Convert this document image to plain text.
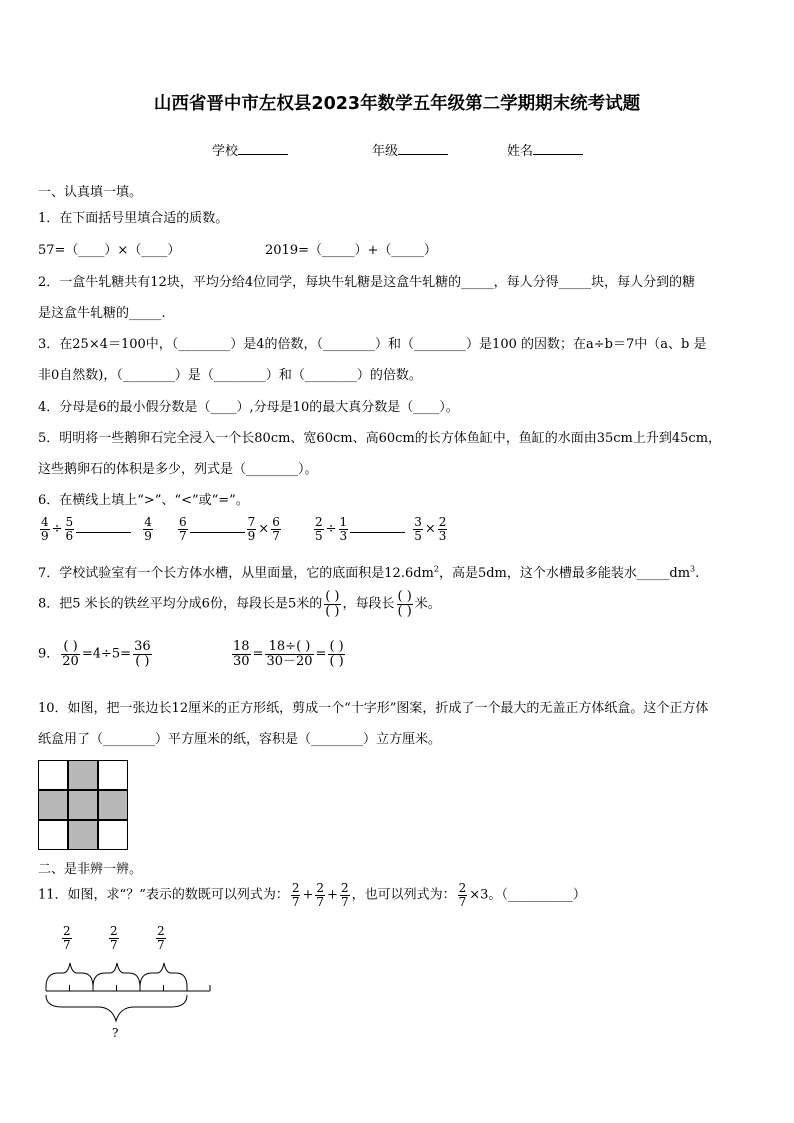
山西省晋中市左权县2023年数学五年级第二学期期末统考试题
学校	年级	姓名
一、认真填一填。
1．在下面括号里填合适的质数。
57=（____）×（____）	2019=（_____）+（_____）
2．一盒牛轧糖共有12块，平均分给4位同学，每块牛轧糖是这盒牛轧糖的_____，每人分得_____块，每人分到的糖
是这盒牛轧糖的_____.
3．在25×4＝100中，（________）是4的倍数，（________）和（________）是100 的因数；在a÷b＝7中（a、b 是
非0自然数)，（________）是（________）和（________）的倍数。
4．分母是6的最小假分数是（____）,分母是10的最大真分数是（____）。
5．明明将一些鹅卵石完全浸入一个长80cm、宽60cm、高60cm的长方体鱼缸中，鱼缸的水面由35cm上升到45cm，
这些鹅卵石的体积是多少，列式是（________）。
6．在横线上填上“>”、“<”或“=”。
$\frac{4}{9} \div \frac{5}{6}$	$\frac{4}{9} \frac{6}{7}$	$\frac{7}{9} \times \frac{6}{7}$	$\frac{2}{5} \div \frac{1}{3}$	$\frac{3}{5} \times \frac{2}{3}$
7．学校试验室有一个长方体水槽，从里面量，它的底面积是$12.6dm^2$，高是5dm，这个水槽最多能装水$\_\_\_\_\_dm^3$.
8．把5 米长的铁丝平均分成6份，每段长是5米的 $\frac{( )}{( )}$ ，每段长 $\frac{( )}{( )}$ 米。
9． $\frac{( )}{20} =4\div 5= \frac{36}{( )}$	$\frac{18}{30} = \frac{18\div( )}{30-20} = \frac{( )}{( )}$
10．如图，把一张边长12厘米的正方形纸，剪成一个“十字形”图案，折成了一个最大的无盖正方体纸盒。这个正方体
纸盒用了（________）平方厘米的纸，容积是（________）立方厘米。
二、是非辨一辨。
11．如图，求“？”表示的数既可以列式为： $\frac{2}{7} + \frac{2}{7} + \frac{2}{7}$ ，也可以列式为： $\frac{2}{7} \times 3$。（__________）
$\frac{2}{7}$	$\frac{2}{7}$	$\frac{2}{7}$
?
